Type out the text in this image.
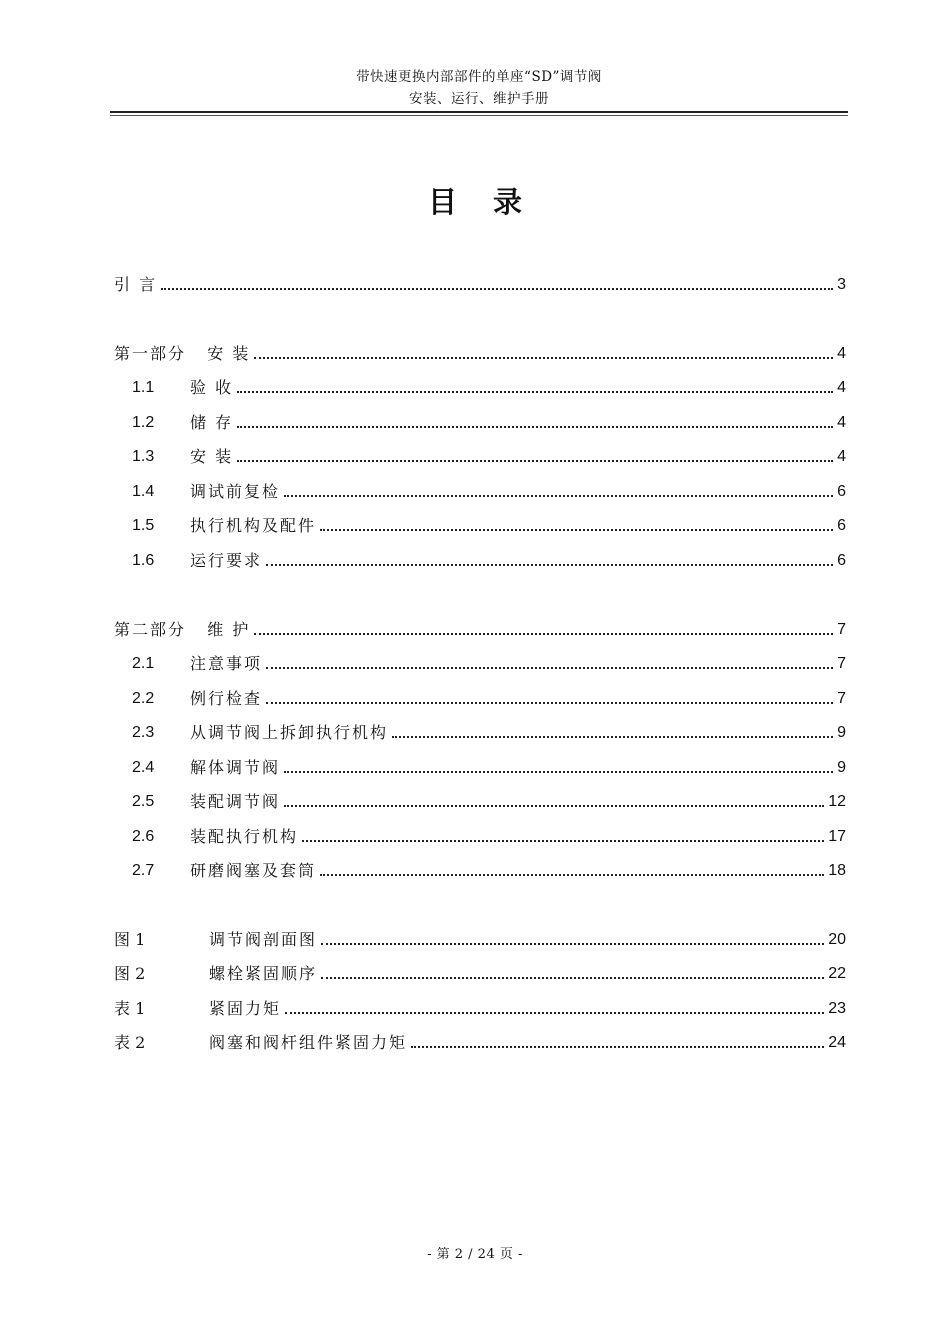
带快速更换内部部件的单座“SD”调节阀
安装、运行、维护手册
目录
引 言	3
第一部分   安 装	4
1.1	验 收	4
1.2	储 存	4
1.3	安 装	4
1.4	调试前复检	6
1.5	执行机构及配件	6
1.6	运行要求	6
第二部分   维 护	7
2.1	注意事项	7
2.2	例行检查	7
2.3	从调节阀上拆卸执行机构	9
2.4	解体调节阀	9
2.5	装配调节阀	12
2.6	装配执行机构	17
2.7	研磨阀塞及套筒	18
图 1	调节阀剖面图	20
图 2	螺栓紧固顺序	22
表 1	紧固力矩	23
表 2	阀塞和阀杆组件紧固力矩	24
- 第 2 / 24 页 -
